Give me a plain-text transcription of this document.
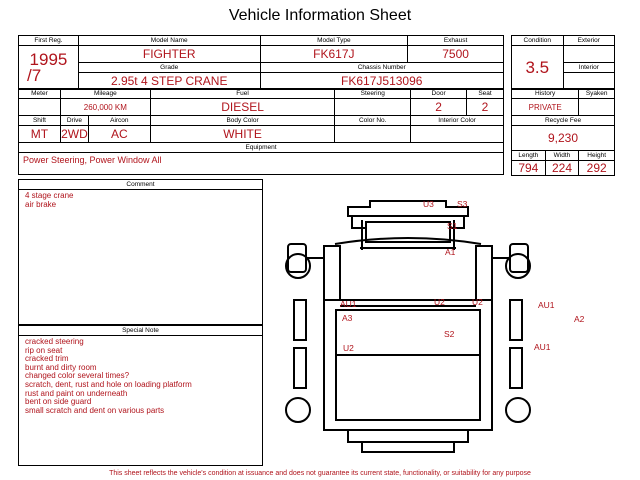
Vehicle Information Sheet
First Reg.	Model Name	Model Type	Exhaust

1995
/7	FIGHTER	FK617J	7500
	Grade	Chassis Number	
	2.95t 4 STEP CRANE	FK617J513096	
Condition	Exterior
3.5	
	Interior

Meter	Mileage		Fuel	Steering	Door	Seat
	260,000 KM		DIESEL		2	2
Shift	Drive	Aircon	Body Color	Color No.	Interior Color	
MT	2WD	AC	WHITE			
Equipment						
Power Steering, Power Window All						
History		Syaken
PRIVATE		
Recycle Fee		
9,230		
Length	Width	Height
794	224	292
Comment
4 stage crane
air brake
Special Note
cracked steering
rip on seat
cracked trim
burnt and dirty room
changed color several times?
scratch, dent, rust and hole on loading platform
rust and paint on underneath
bent on side guard
small scratch and dent on various parts
U3	S3
S1
A1
AU1	U2	U2	AU1
A3	A2
S2
U2	AU1
This sheet reflects the vehicle's condition at issuance and does not guarantee its current state, functionality, or suitability for any purpose
